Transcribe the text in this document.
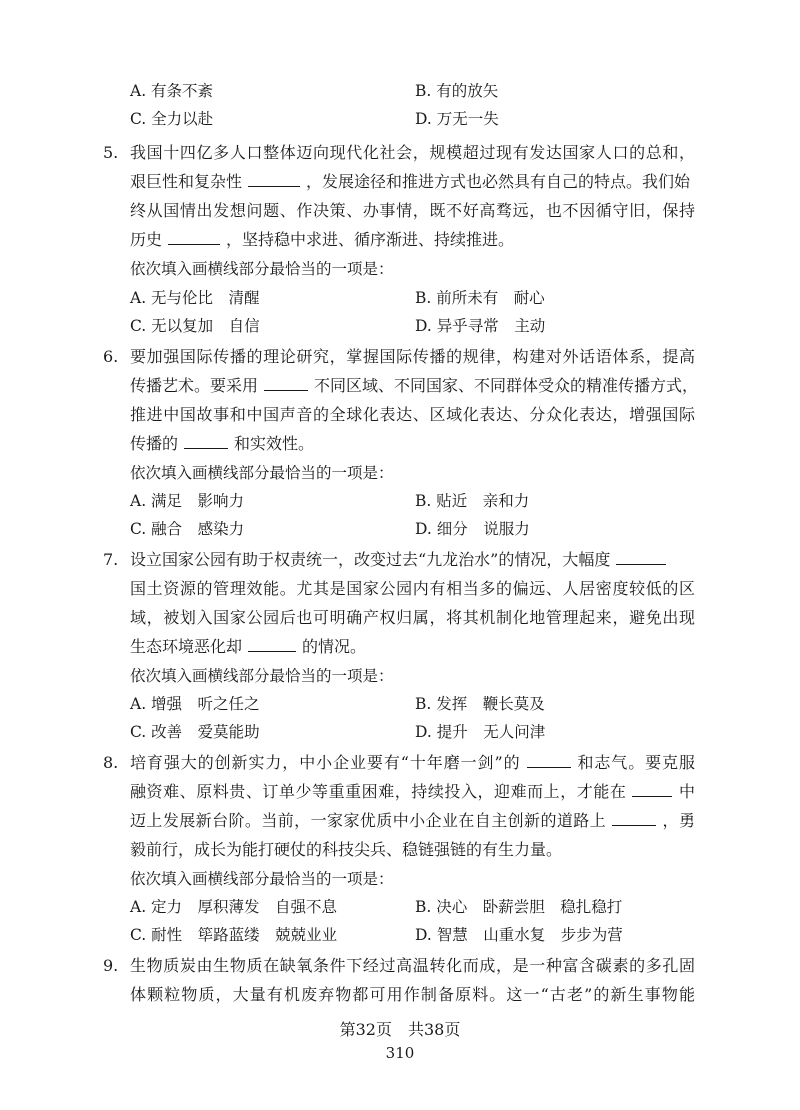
A. 有条不紊	B. 有的放矢
C. 全力以赴	D. 万无一失
5. 我国十四亿多人口整体迈向现代化社会，规模超过现有发达国家人口的总和，
艰巨性和复杂性	，发展途径和推进方式也必然具有自己的特点。我们始
终从国情出发想问题、作决策、办事情，既不好高骛远，也不因循守旧，保持
历史	，坚持稳中求进、循序渐进、持续推进。
依次填入画横线部分最恰当的一项是：
A. 无与伦比　清醒	B. 前所未有　耐心
C. 无以复加　自信	D. 异乎寻常　主动
6. 要加强国际传播的理论研究，掌握国际传播的规律，构建对外话语体系，提高
传播艺术。要采用	不同区域、不同国家、不同群体受众的精准传播方式，
推进中国故事和中国声音的全球化表达、区域化表达、分众化表达，增强国际
传播的	和实效性。
依次填入画横线部分最恰当的一项是：
A. 满足　影响力	B. 贴近　亲和力
C. 融合　感染力	D. 细分　说服力
7. 设立国家公园有助于权责统一，改变过去“九龙治水”的情况，大幅度
国土资源的管理效能。尤其是国家公园内有相当多的偏远、人居密度较低的区
域，被划入国家公园后也可明确产权归属，将其机制化地管理起来，避免出现
生态环境恶化却	的情况。
依次填入画横线部分最恰当的一项是：
A. 增强　听之任之	B. 发挥　鞭长莫及
C. 改善　爱莫能助	D. 提升　无人问津
8. 培育强大的创新实力，中小企业要有“十年磨一剑”的	和志气。要克服
融资难、原料贵、订单少等重重困难，持续投入，迎难而上，才能在	中
迈上发展新台阶。当前，一家家优质中小企业在自主创新的道路上	，勇
毅前行，成长为能打硬仗的科技尖兵、稳链强链的有生力量。
依次填入画横线部分最恰当的一项是：
A. 定力　厚积薄发　自强不息	B. 决心　卧薪尝胆　稳扎稳打
C. 耐性　筚路蓝缕　兢兢业业	D. 智慧　山重水复　步步为营
9. 生物质炭由生物质在缺氧条件下经过高温转化而成，是一种富含碳素的多孔固
体颗粒物质，大量有机废弃物都可用作制备原料。这一“古老”的新生事物能
第32页　共38页
310
